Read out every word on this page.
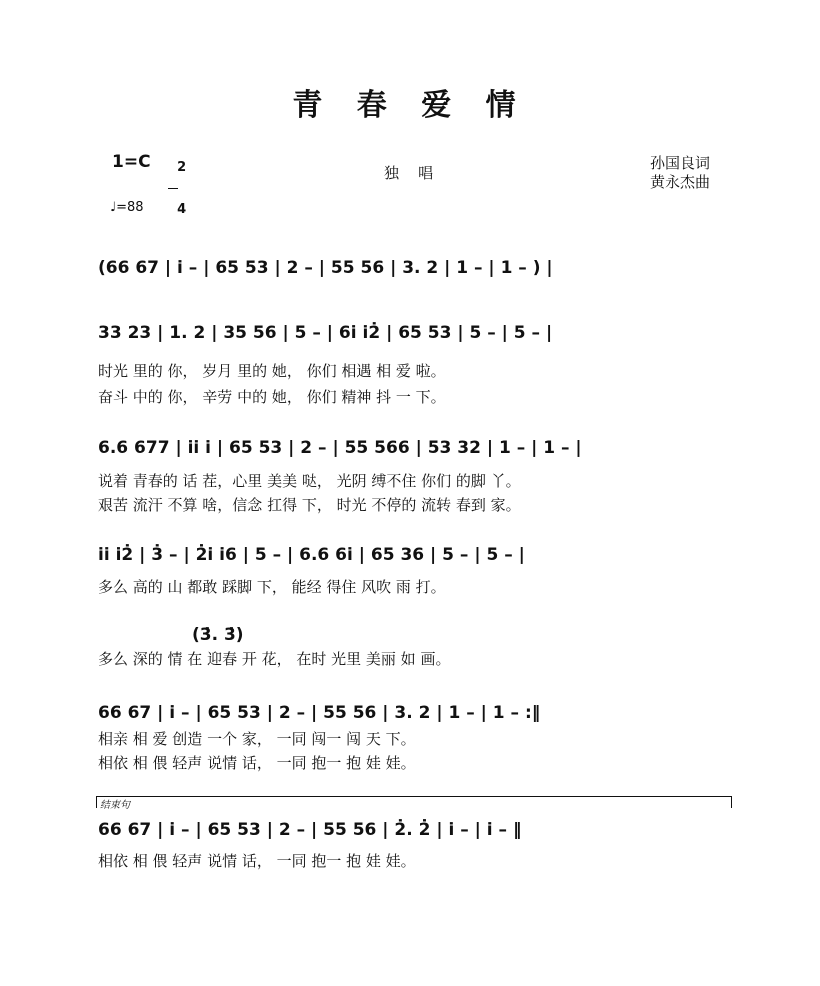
青 春 爱 情
1=C	2

4

独    唱
孙国良词
黄永杰曲
♩=88
(66 67 | i̇ – | 65 53 | 2 – | 55 56 | 3. 2 | 1 – | 1 – ) |
33 23 | 1. 2 | 35 56 | 5 – | 6i̇ i̇2̇ | 65 53 | 5 – | 5 – |
时光 里的 你， 岁月 里的 她， 你们 相遇 相 爱 啦。
奋斗 中的 你， 辛劳 中的 她， 你们 精神 抖 一 下。
6.6 677 | i̇i̇ i̇ | 65 53 | 2 – | 55 566 | 53 32 | 1 – | 1 – |
说着 青春的 话 茬，心里 美美 哒， 光阴 缚不住 你们 的脚 丫。
艰苦 流汗 不算 啥，信念 扛得 下， 时光 不停的 流转 春到 家。
i̇i̇ i̇2̇ | 3̇ – | 2̇i̇ i̇6 | 5 – | 6.6 6i̇ | 65 36 | 5 – | 5 – |
多么 高的 山 都敢 踩脚 下， 能经 得住 风吹 雨 打。
(3̇. 3̇)
多么 深的 情 在 迎春 开 花， 在时 光里 美丽 如 画。
66 67 | i̇ – | 65 53 | 2 – | 55 56 | 3. 2 | 1 – | 1 – :‖
相亲 相 爱 创造 一个 家， 一同 闯一 闯 天 下。
相依 相 偎 轻声 说情 话， 一同 抱一 抱 娃 娃。
结束句
66 67 | i̇ – | 65 53 | 2 – | 55 56 | 2̇. 2̇ | i̇ – | i̇ – ‖
相依 相 偎 轻声 说情 话， 一同 抱一 抱 娃 娃。
